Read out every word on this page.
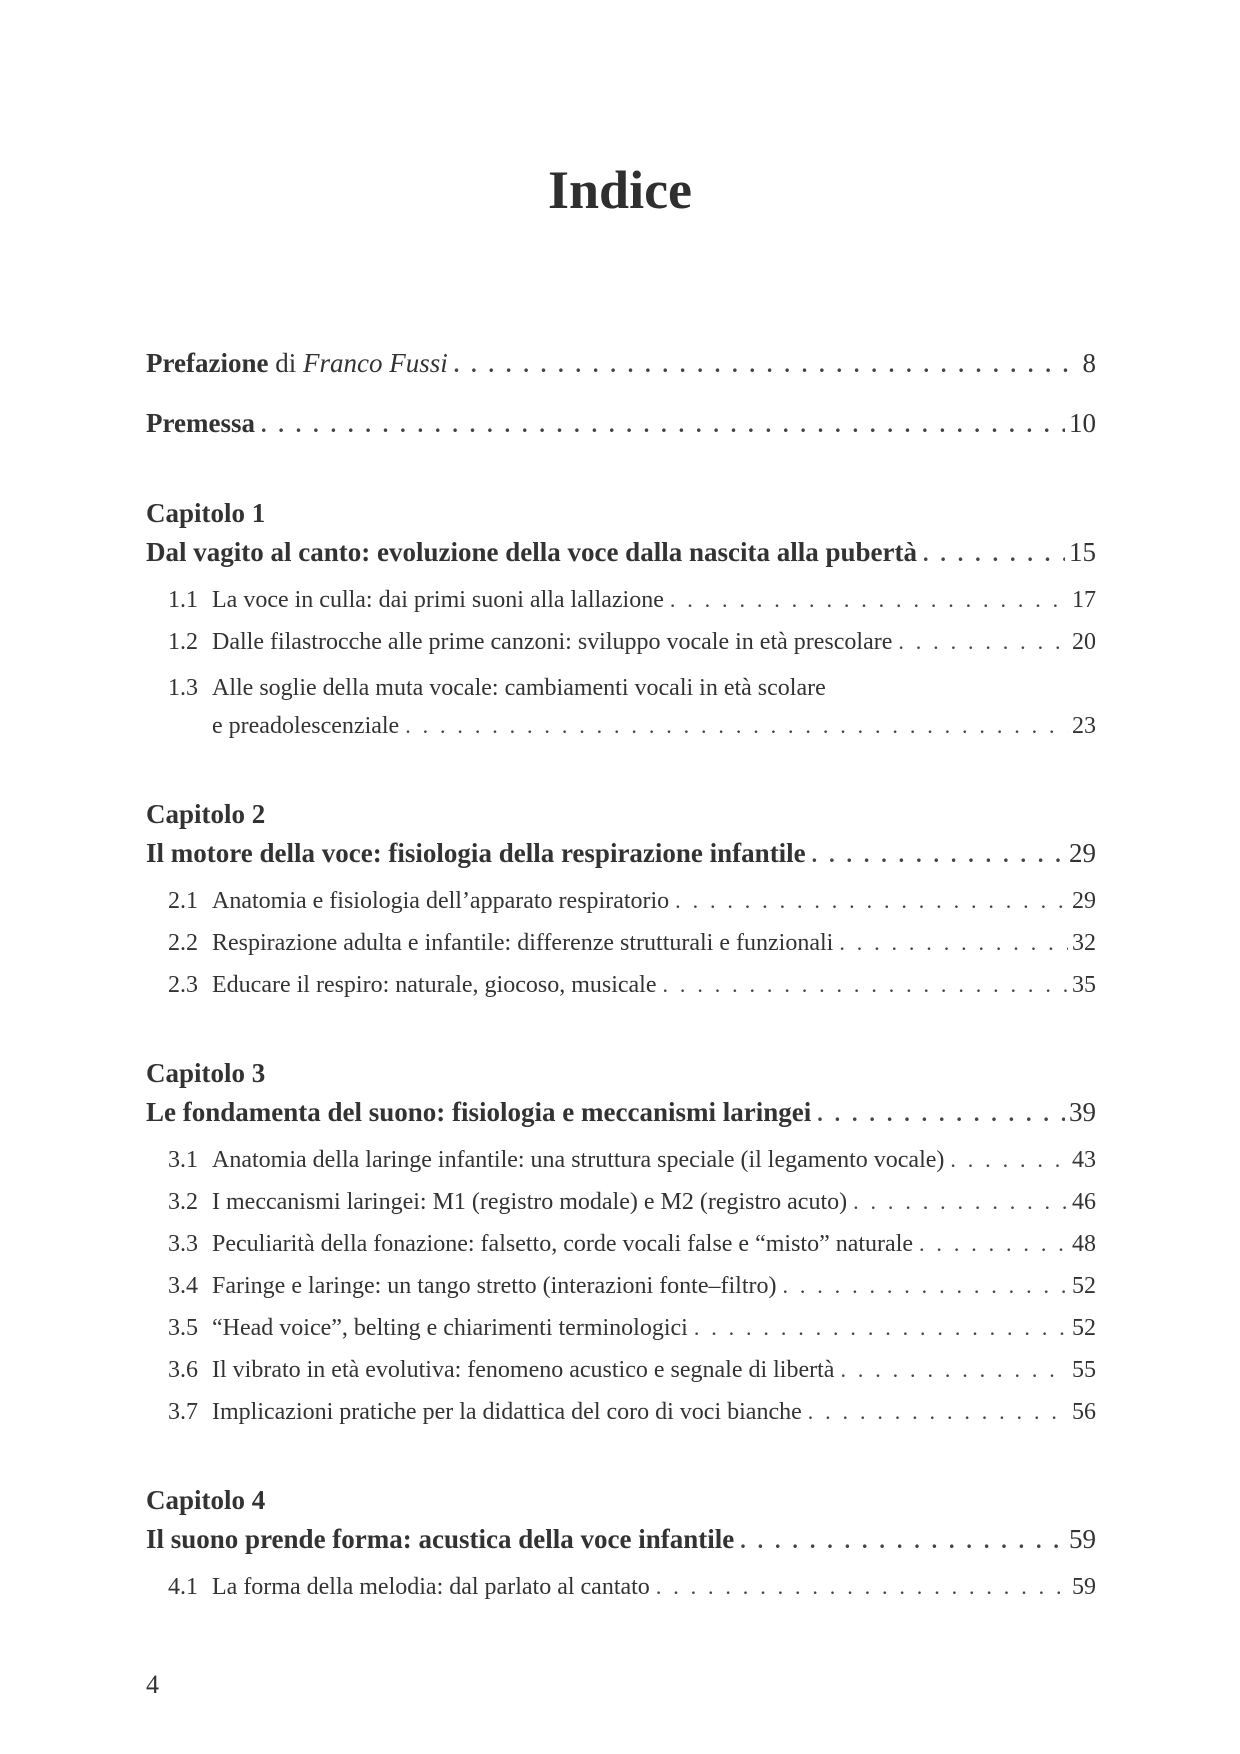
Indice
Prefazione di Franco Fussi . . .	8
Premessa . . .	10
Capitolo 1
Dal vagito al canto: evoluzione della voce dalla nascita alla pubertà . . .	15
1.1 La voce in culla: dai primi suoni alla lallazione . . .	17
1.2 Dalle filastrocche alle prime canzoni: sviluppo vocale in età prescolare . . .	20
1.3 Alle soglie della muta vocale: cambiamenti vocali in età scolare
e preadolescenziale . . .	23
Capitolo 2
Il motore della voce: fisiologia della respirazione infantile . . .	29
2.1 Anatomia e fisiologia dell’apparato respiratorio . . .	29
2.2 Respirazione adulta e infantile: differenze strutturali e funzionali . . .	32
2.3 Educare il respiro: naturale, giocoso, musicale . . .	35
Capitolo 3
Le fondamenta del suono: fisiologia e meccanismi laringei . . .	39
3.1 Anatomia della laringe infantile: una struttura speciale (il legamento vocale) . . .	43
3.2 I meccanismi laringei: M1 (registro modale) e M2 (registro acuto) . . .	46
3.3 Peculiarità della fonazione: falsetto, corde vocali false e “misto” naturale . . .	48
3.4 Faringe e laringe: un tango stretto (interazioni fonte–filtro) . . .	52
3.5 “Head voice”, belting e chiarimenti terminologici . . .	52
3.6 Il vibrato in età evolutiva: fenomeno acustico e segnale di libertà . . .	55
3.7 Implicazioni pratiche per la didattica del coro di voci bianche . . .	56
Capitolo 4
Il suono prende forma: acustica della voce infantile . . .	59
4.1 La forma della melodia: dal parlato al cantato . . .	59
4
